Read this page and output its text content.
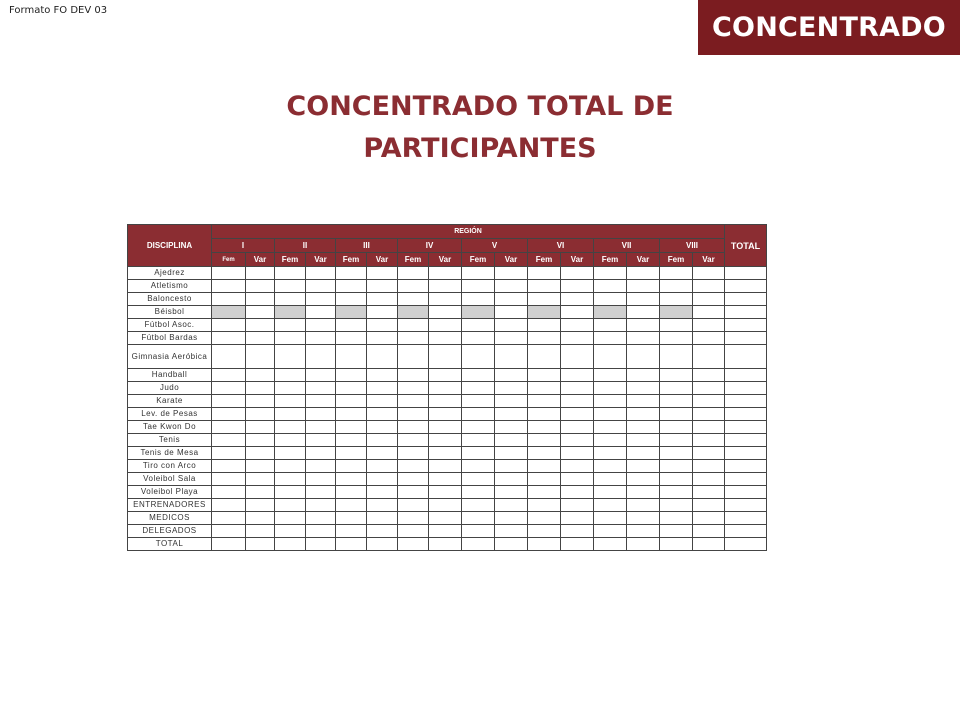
Formato FO DEV 03
CONCENTRADO
CONCENTRADO TOTAL DE
PARTICIPANTES
DISCIPLINA	REGIÓN																TOTAL
	I		II		III		IV		V		VI		VII		VIII		
	Fem	Var	Fem	Var	Fem	Var	Fem	Var	Fem	Var	Fem	Var	Fem	Var	Fem	Var	
Ajedrez																	
Atletismo																	
Baloncesto																	
Béisbol																	
Fútbol Asoc.																	
Fútbol Bardas																	
Gimnasia Aeróbica																	
Handball																	
Judo																	
Karate																	
Lev. de Pesas																	
Tae Kwon Do																	
Tenis																	
Tenis de Mesa																	
Tiro con Arco																	
Voleibol Sala																	
Voleibol Playa																	
ENTRENADORES																	
MEDICOS																	
DELEGADOS																	
TOTAL																	
